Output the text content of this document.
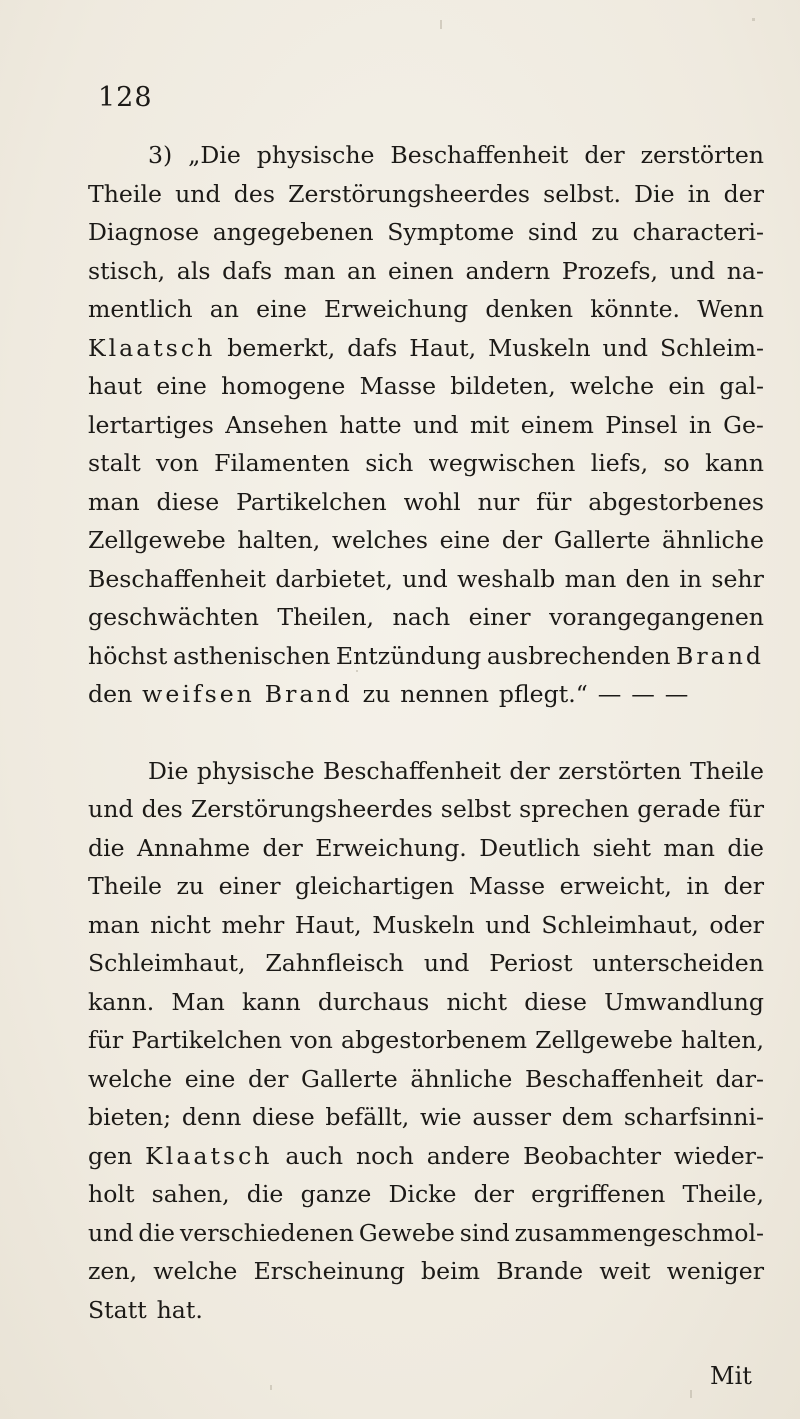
128
3) „Die physische Beschaffenheit der zerstörten
Theile und des Zerstörungsheerdes selbst. Die in der
Diagnose angegebenen Symptome sind zu characteri-
stisch, als dafs man an einen andern Prozefs, und na-
mentlich an eine Erweichung denken könnte. Wenn
Klaatsch bemerkt, dafs Haut, Muskeln und Schleim-
haut eine homogene Masse bildeten, welche ein gal-
lertartiges Ansehen hatte und mit einem Pinsel in Ge-
stalt von Filamenten sich wegwischen liefs, so kann
man diese Partikelchen wohl nur für abgestorbenes
Zellgewebe halten, welches eine der Gallerte ähnliche
Beschaffenheit darbietet, und weshalb man den in sehr
geschwächten Theilen, nach einer vorangegangenen
höchst asthenischen Entzündung ausbrechenden Brand
den weifsen Brand zu nennen pflegt.“ — — —
Die physische Beschaffenheit der zerstörten Theile
und des Zerstörungsheerdes selbst sprechen gerade für
die Annahme der Erweichung. Deutlich sieht man die
Theile zu einer gleichartigen Masse erweicht, in der
man nicht mehr Haut, Muskeln und Schleimhaut, oder
Schleimhaut, Zahnfleisch und Periost unterscheiden
kann. Man kann durchaus nicht diese Umwandlung
für Partikelchen von abgestorbenem Zellgewebe halten,
welche eine der Gallerte ähnliche Beschaffenheit dar-
bieten; denn diese befällt, wie ausser dem scharfsinni-
gen Klaatsch auch noch andere Beobachter wieder-
holt sahen, die ganze Dicke der ergriffenen Theile,
und die verschiedenen Gewebe sind zusammengeschmol-
zen, welche Erscheinung beim Brande weit weniger
Statt hat.
Mit
